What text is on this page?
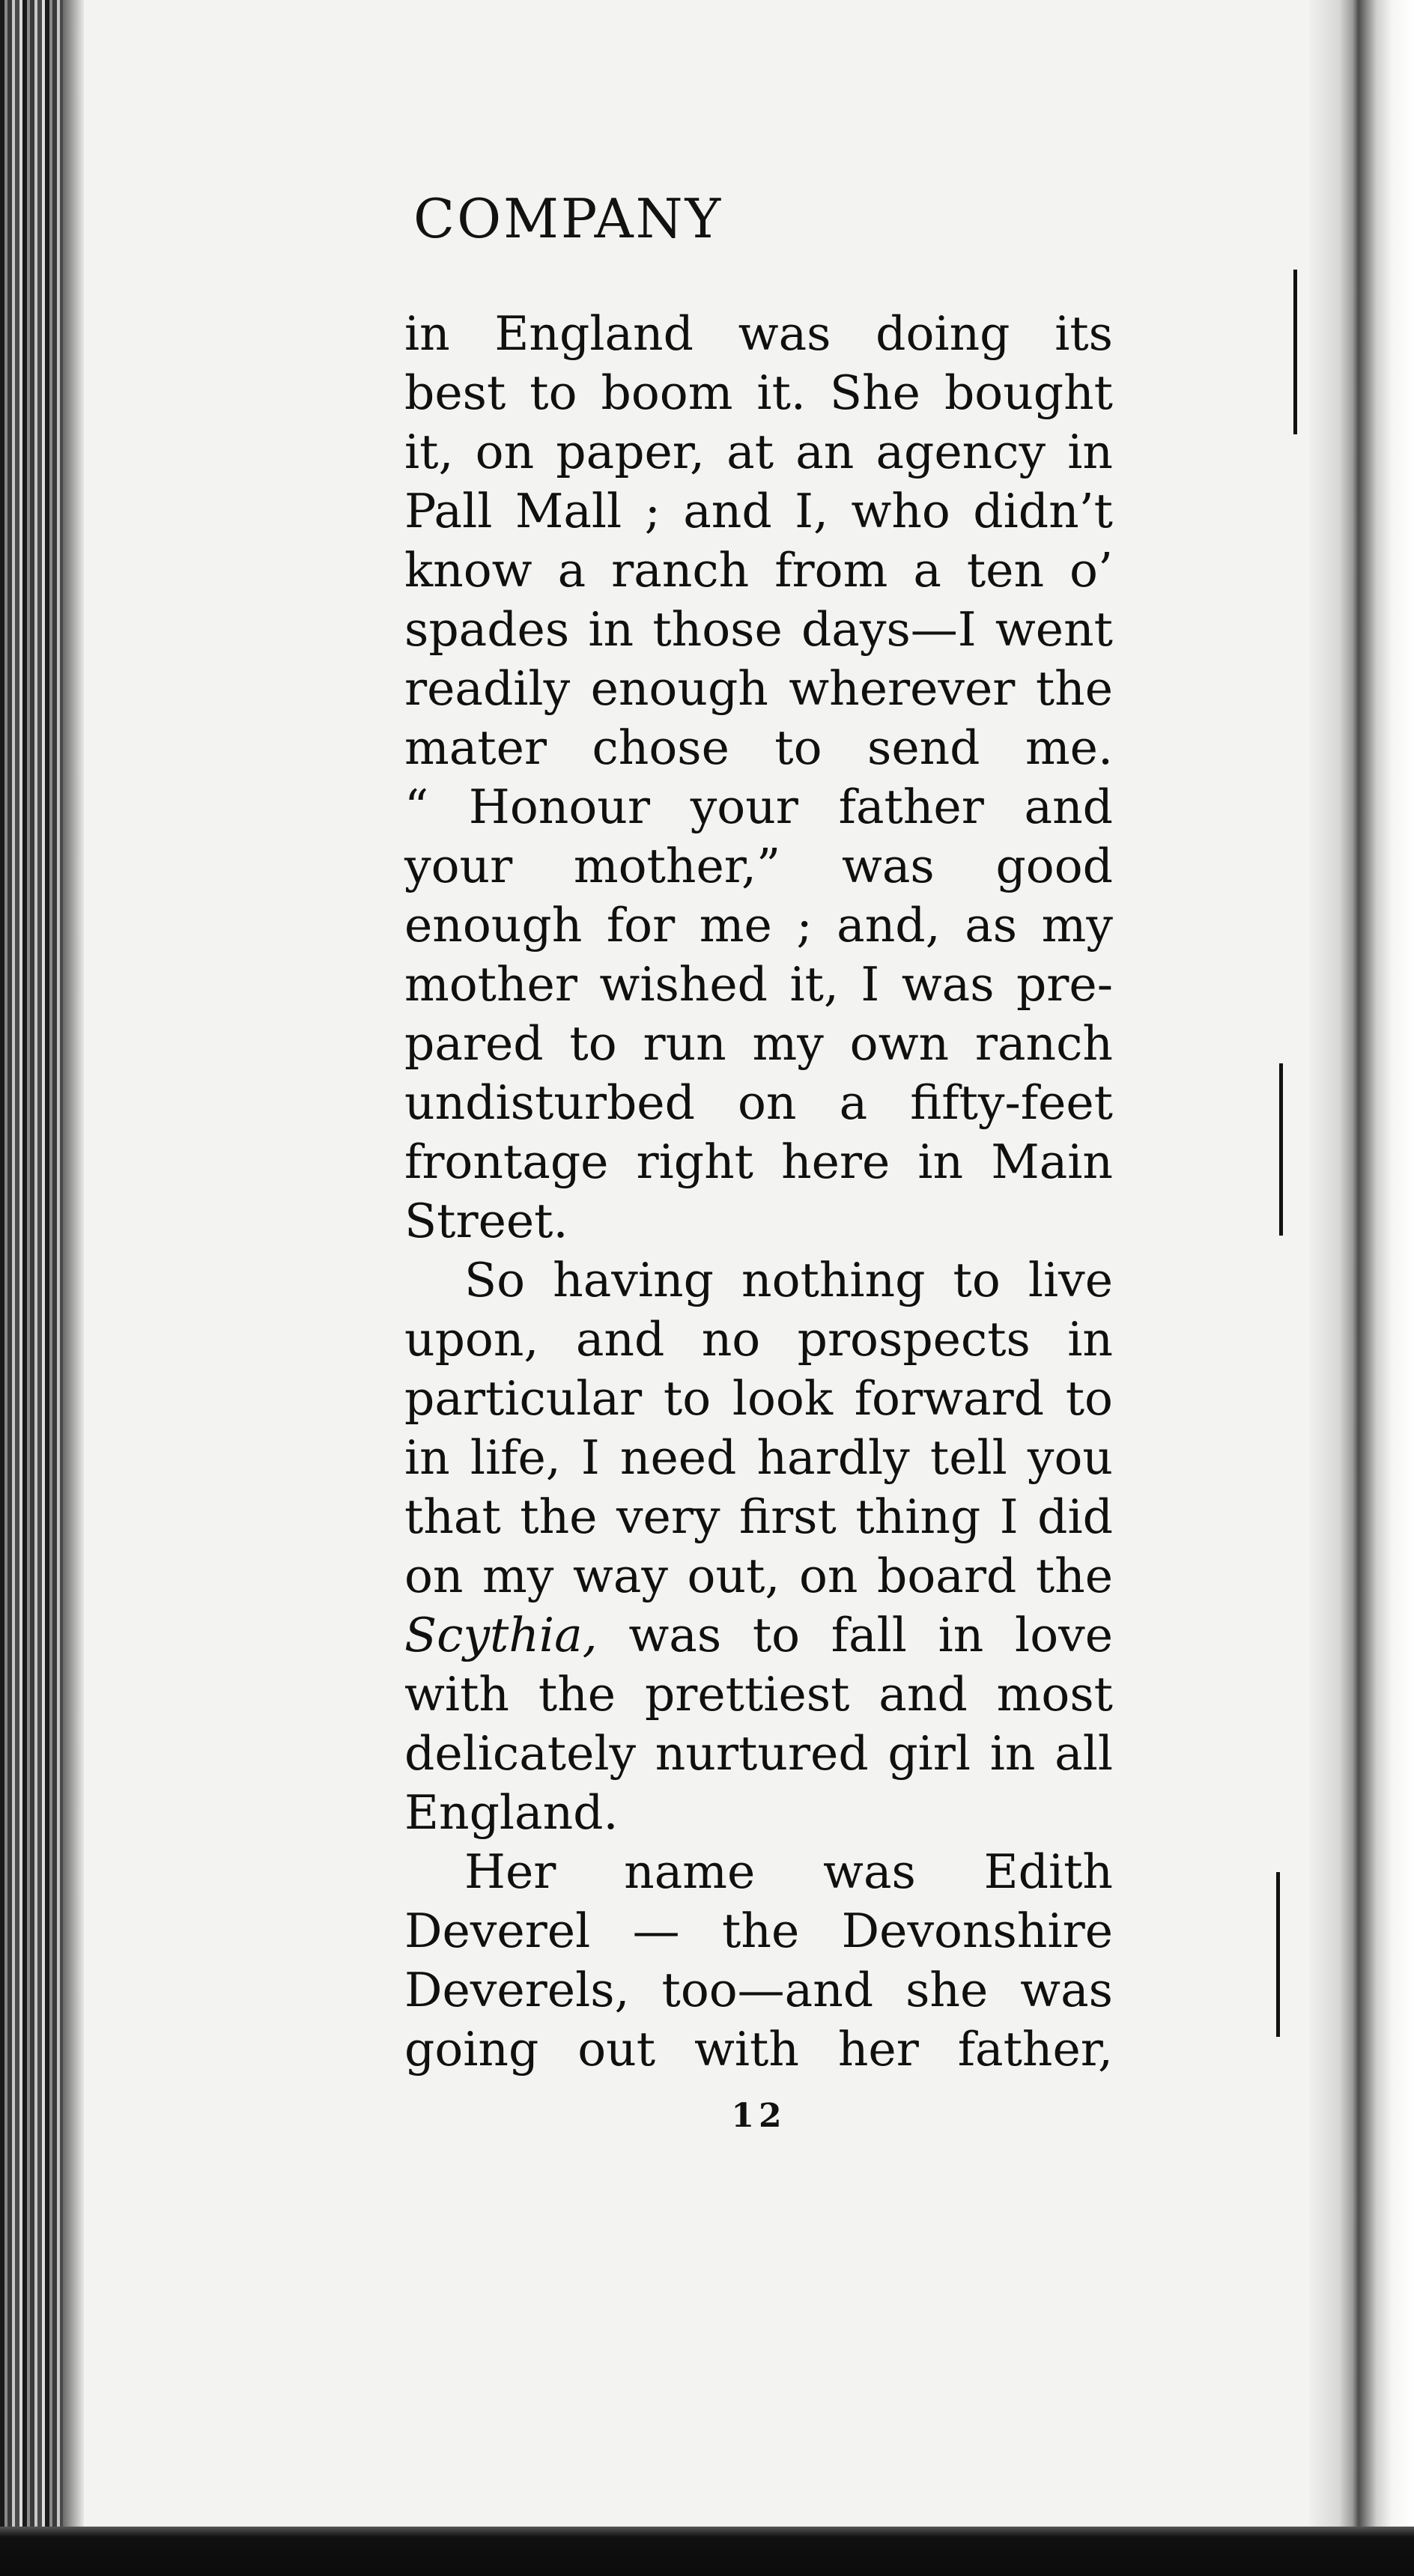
COMPANY
in England was doing its
best to boom it. She bought
it, on paper, at an agency in
Pall Mall ; and I, who didn’t
know a ranch from a ten o’
spades in those days—I went
readily enough wherever the
mater chose to send me.
“ Honour your father and
your mother,” was good
enough for me ; and, as my
mother wished it, I was pre-
pared to run my own ranch
undisturbed on a fifty-feet
frontage right here in Main
Street.
So having nothing to live
upon, and no prospects in
particular to look forward to
in life, I need hardly tell you
that the very first thing I did
on my way out, on board the
Scythia, was to fall in love
with the prettiest and most
delicately nurtured girl in all
England.
Her name was Edith
Deverel — the Devonshire
Deverels, too—and she was
going out with her father,
12
